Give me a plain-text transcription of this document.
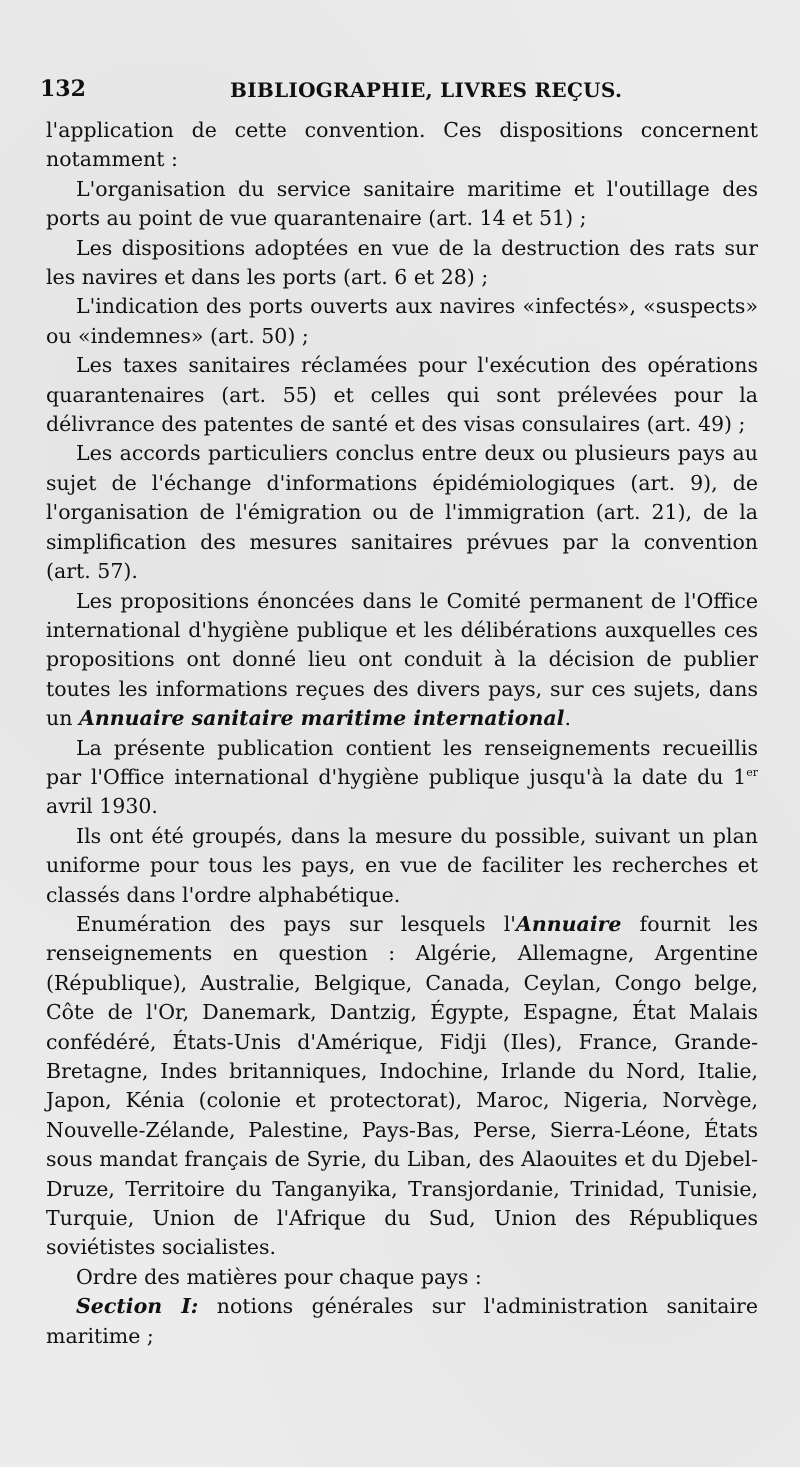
132	BIBLIOGRAPHIE, LIVRES REÇUS.

l'application de cette convention. Ces dispositions concernent notamment :

L'organisation du service sanitaire maritime et l'outillage des ports au point de vue quarantenaire (art. 14 et 51) ;

Les dispositions adoptées en vue de la destruction des rats sur les navires et dans les ports (art. 6 et 28) ;

L'indication des ports ouverts aux navires «infectés», «suspects» ou «indemnes» (art. 50) ;

Les taxes sanitaires réclamées pour l'exécution des opérations quarantenaires (art. 55) et celles qui sont prélevées pour la délivrance des patentes de santé et des visas consulaires (art. 49) ;

Les accords particuliers conclus entre deux ou plusieurs pays au sujet de l'échange d'informations épidémiologiques (art. 9), de l'organisation de l'émigration ou de l'immigration (art. 21), de la simplification des mesures sanitaires prévues par la convention (art. 57).

Les propositions énoncées dans le Comité permanent de l'Office international d'hygiène publique et les délibérations auxquelles ces propositions ont donné lieu ont conduit à la décision de publier toutes les informations reçues des divers pays, sur ces sujets, dans un Annuaire sanitaire maritime international.

La présente publication contient les renseignements recueillis par l'Office international d'hygiène publique jusqu'à la date du 1er avril 1930.

Ils ont été groupés, dans la mesure du possible, suivant un plan uniforme pour tous les pays, en vue de faciliter les recherches et classés dans l'ordre alphabétique.

Enumération des pays sur lesquels l'Annuaire fournit les renseignements en question : Algérie, Allemagne, Argentine (République), Australie, Belgique, Canada, Ceylan, Congo belge, Côte de l'Or, Danemark, Dantzig, Égypte, Espagne, État Malais confédéré, États-Unis d'Amérique, Fidji (Iles), France, Grande-Bretagne, Indes britanniques, Indochine, Irlande du Nord, Italie, Japon, Kénia (colonie et protectorat), Maroc, Nigeria, Norvège, Nouvelle-Zélande, Palestine, Pays-Bas, Perse, Sierra-Léone, États sous mandat français de Syrie, du Liban, des Alaouites et du Djebel-Druze, Territoire du Tanganyika, Transjordanie, Trinidad, Tunisie, Turquie, Union de l'Afrique du Sud, Union des Républiques soviétistes socialistes.

Ordre des matières pour chaque pays :

Section I: notions générales sur l'administration sanitaire maritime ;
